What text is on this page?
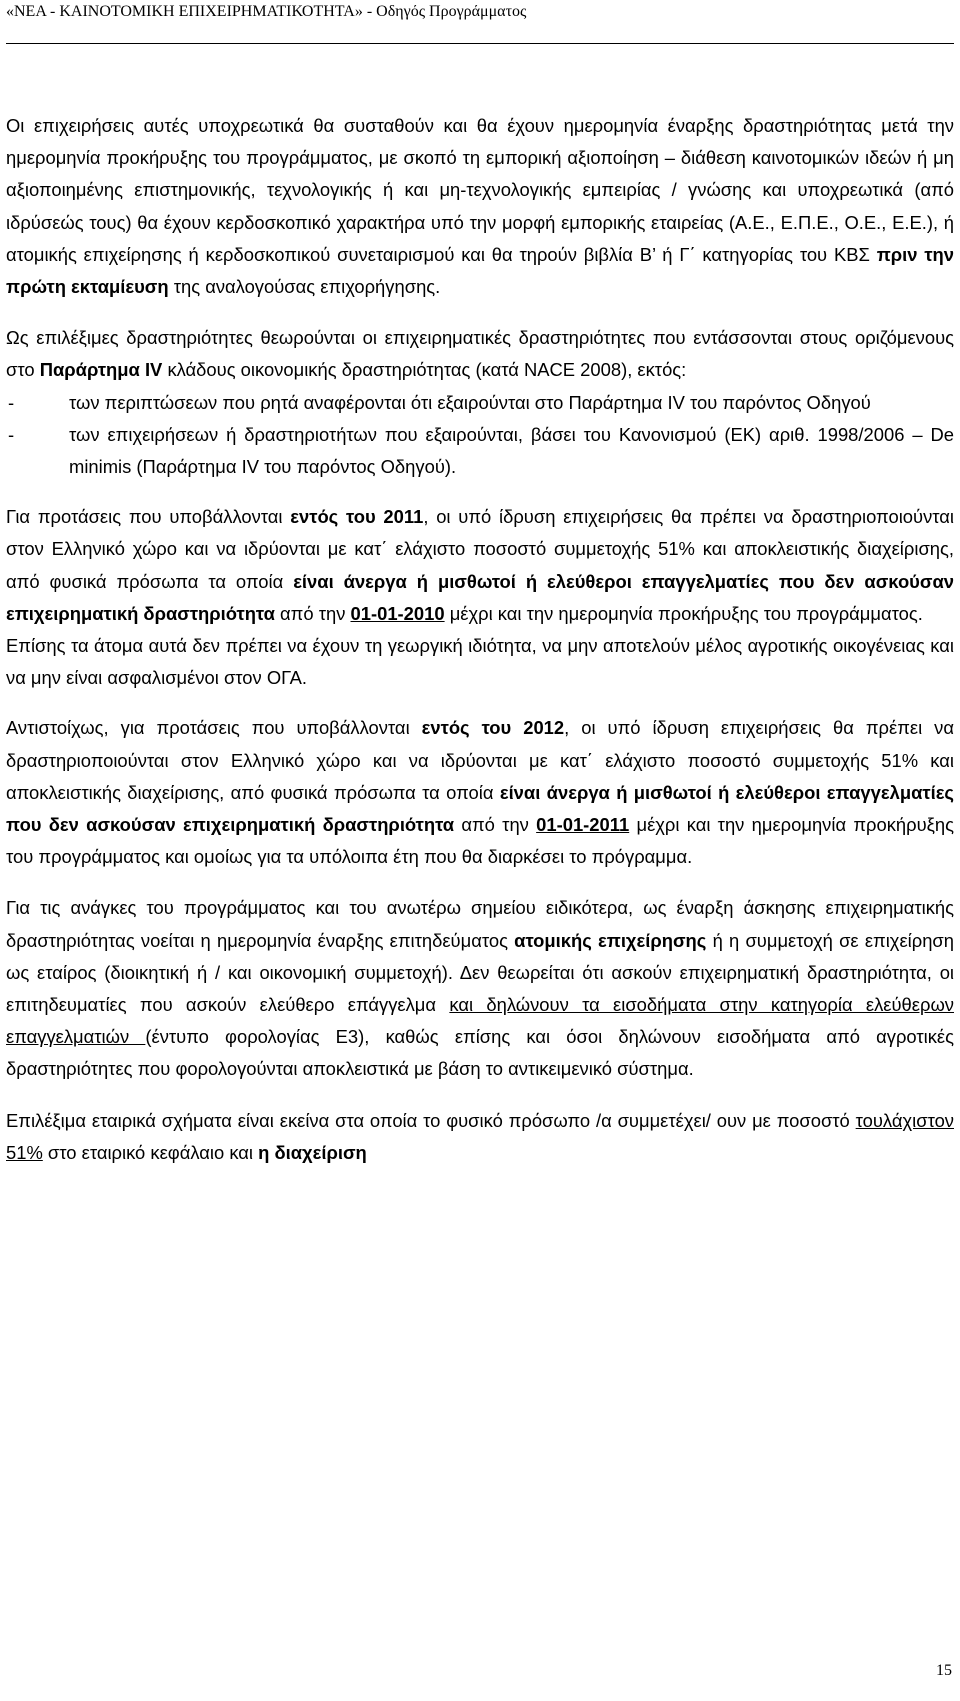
«ΝΕΑ - ΚΑΙΝΟΤΟΜΙΚΗ ΕΠΙΧΕΙΡΗΜΑΤΙΚΟΤΗΤΑ» - Οδηγός Προγράμματος

Οι επιχειρήσεις αυτές υποχρεωτικά θα συσταθούν και θα έχουν ημερομηνία έναρξης δραστηριότητας μετά την ημερομηνία προκήρυξης του προγράμματος, με σκοπό τη εμπορική αξιοποίηση – διάθεση καινοτομικών ιδεών ή μη αξιοποιημένης επιστημονικής, τεχνολογικής ή και μη-τεχνολογικής εμπειρίας / γνώσης και υποχρεωτικά (από ιδρύσεώς τους) θα έχουν κερδοσκοπικό χαρακτήρα υπό την μορφή εμπορικής εταιρείας (Α.Ε., Ε.Π.Ε., Ο.Ε., Ε.Ε.), ή ατομικής επιχείρησης ή κερδοσκοπικού συνεταιρισμού και θα τηρούν βιβλία Β’ ή Γ΄ κατηγορίας του ΚΒΣ πριν την πρώτη εκταμίευση της αναλογούσας επιχορήγησης.

Ως επιλέξιμες δραστηριότητες θεωρούνται οι επιχειρηματικές δραστηριότητες που εντάσσονται στους οριζόμενους στο Παράρτημα ΙV κλάδους οικονομικής δραστηριότητας (κατά NACE 2008), εκτός:

-	των περιπτώσεων που ρητά αναφέρονται ότι εξαιρούνται στο Παράρτημα IV του παρόντος Οδηγού
-	των επιχειρήσεων ή δραστηριοτήτων που εξαιρούνται, βάσει του Κανονισμού (ΕΚ) αριθ. 1998/2006 – De minimis (Παράρτημα IV του παρόντος Οδηγού).

Για προτάσεις που υποβάλλονται εντός του 2011, οι υπό ίδρυση επιχειρήσεις θα πρέπει να δραστηριοποιούνται στον Ελληνικό χώρο και να ιδρύονται με κατ΄ ελάχιστο ποσοστό συμμετοχής 51% και αποκλειστικής διαχείρισης, από φυσικά πρόσωπα τα οποία είναι άνεργα ή μισθωτοί ή ελεύθεροι επαγγελματίες που δεν ασκούσαν επιχειρηματική δραστηριότητα από την 01-01-2010 μέχρι και την ημερομηνία προκήρυξης του προγράμματος.

Επίσης τα άτομα αυτά δεν πρέπει να έχουν τη γεωργική ιδιότητα, να μην αποτελούν μέλος αγροτικής οικογένειας και να μην είναι ασφαλισμένοι στον ΟΓΑ.

Αντιστοίχως, για προτάσεις που υποβάλλονται εντός του 2012, οι υπό ίδρυση επιχειρήσεις θα πρέπει να δραστηριοποιούνται στον Ελληνικό χώρο και να ιδρύονται με κατ΄ ελάχιστο ποσοστό συμμετοχής 51% και αποκλειστικής διαχείρισης, από φυσικά πρόσωπα τα οποία είναι άνεργα ή μισθωτοί ή ελεύθεροι επαγγελματίες που δεν ασκούσαν επιχειρηματική δραστηριότητα από την 01-01-2011 μέχρι και την ημερομηνία προκήρυξης του προγράμματος και ομοίως για τα υπόλοιπα έτη που θα διαρκέσει το πρόγραμμα.

Για τις ανάγκες του προγράμματος και του ανωτέρω σημείου ειδικότερα, ως έναρξη άσκησης επιχειρηματικής δραστηριότητας νοείται η ημερομηνία έναρξης επιτηδεύματος ατομικής επιχείρησης ή η συμμετοχή σε επιχείρηση ως εταίρος (διοικητική ή / και οικονομική συμμετοχή). Δεν θεωρείται ότι ασκούν επιχειρηματική δραστηριότητα, οι επιτηδευματίες που ασκούν ελεύθερο επάγγελμα και δηλώνουν τα εισοδήματα στην κατηγορία ελεύθερων επαγγελματιών (έντυπο φορολογίας Ε3), καθώς επίσης και όσοι δηλώνουν εισοδήματα από αγροτικές δραστηριότητες που φορολογούνται αποκλειστικά με βάση το αντικειμενικό σύστημα.

Επιλέξιμα εταιρικά σχήματα είναι εκείνα στα οποία το φυσικό πρόσωπο /α συμμετέχει/ ουν με ποσοστό τουλάχιστον 51% στο εταιρικό κεφάλαιο και η διαχείριση

15
